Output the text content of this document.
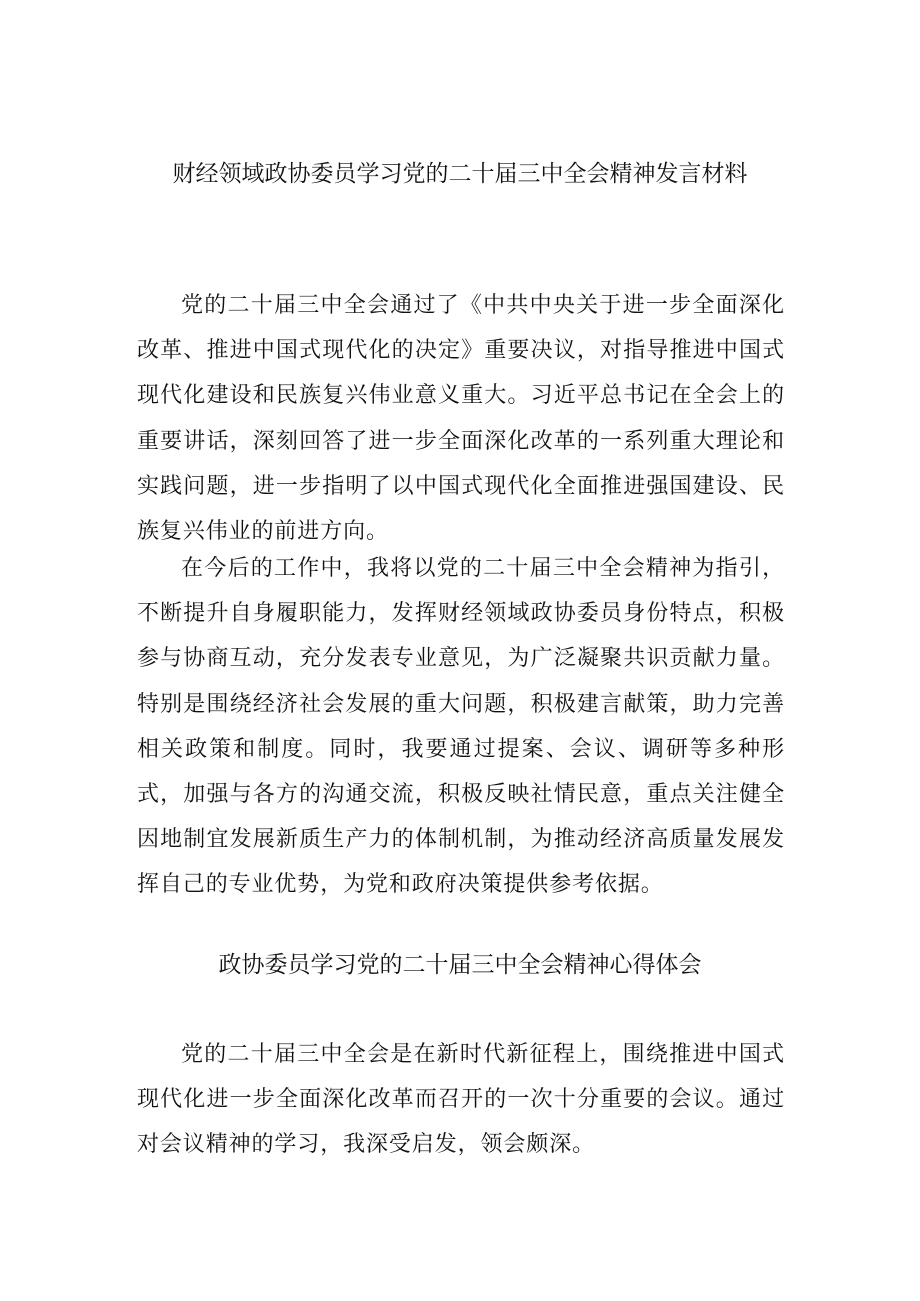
财经领域政协委员学习党的二十届三中全会精神发言材料

党的二十届三中全会通过了《中共中央关于进一步全面深化改革、推进中国式现代化的决定》重要决议，对指导推进中国式现代化建设和民族复兴伟业意义重大。习近平总书记在全会上的重要讲话，深刻回答了进一步全面深化改革的一系列重大理论和实践问题，进一步指明了以中国式现代化全面推进强国建设、民族复兴伟业的前进方向。

在今后的工作中，我将以党的二十届三中全会精神为指引，不断提升自身履职能力，发挥财经领域政协委员身份特点，积极参与协商互动，充分发表专业意见，为广泛凝聚共识贡献力量。特别是围绕经济社会发展的重大问题，积极建言献策，助力完善相关政策和制度。同时，我要通过提案、会议、调研等多种形式，加强与各方的沟通交流，积极反映社情民意，重点关注健全因地制宜发展新质生产力的体制机制，为推动经济高质量发展发挥自己的专业优势，为党和政府决策提供参考依据。

政协委员学习党的二十届三中全会精神心得体会

党的二十届三中全会是在新时代新征程上，围绕推进中国式现代化进一步全面深化改革而召开的一次十分重要的会议。通过对会议精神的学习，我深受启发，领会颇深。
